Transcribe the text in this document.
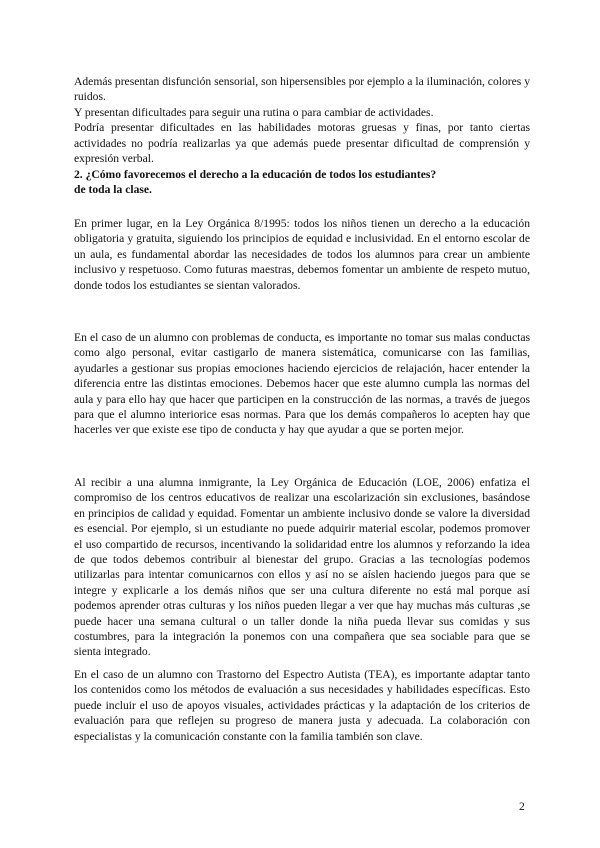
Además presentan disfunción sensorial, son hipersensibles por ejemplo a la iluminación, colores y ruidos.

Y presentan dificultades para seguir una rutina o para cambiar de actividades.

Podría presentar dificultades en las habilidades motoras gruesas y finas, por tanto ciertas actividades no podría realizarlas ya que además puede presentar dificultad de comprensión y expresión verbal.

2. ¿Cómo favorecemos el derecho a la educación de todos los estudiantes?

de toda la clase.

En primer lugar, en la Ley Orgánica 8/1995: todos los niños tienen un derecho a la educación obligatoria y gratuita, siguiendo los principios de equidad e inclusividad. En el entorno escolar de un aula, es fundamental abordar las necesidades de todos los alumnos para crear un ambiente inclusivo y respetuoso. Como futuras maestras, debemos fomentar un ambiente de respeto mutuo, donde todos los estudiantes se sientan valorados.

En el caso de un alumno con problemas de conducta, es importante no tomar sus malas conductas como algo personal, evitar castigarlo de manera sistemática, comunicarse con las familias, ayudarles a gestionar sus propias emociones haciendo ejercicios de relajación, hacer entender la diferencia entre las distintas emociones. Debemos hacer que este alumno cumpla las normas del aula y para ello hay que hacer que participen en la construcción de las normas, a través de juegos para que el alumno interiorice esas normas. Para que los demás compañeros lo acepten hay que hacerles ver que existe ese tipo de conducta y hay que ayudar a que se porten mejor.

Al recibir a una alumna inmigrante, la Ley Orgánica de Educación (LOE, 2006) enfatiza el compromiso de los centros educativos de realizar una escolarización sin exclusiones, basándose en principios de calidad y equidad. Fomentar un ambiente inclusivo donde se valore la diversidad es esencial. Por ejemplo, si un estudiante no puede adquirir material escolar, podemos promover el uso compartido de recursos, incentivando la solidaridad entre los alumnos y reforzando la idea de que todos debemos contribuir al bienestar del grupo. Gracias a las tecnologías podemos utilizarlas para intentar comunicarnos con ellos y así no se aíslen haciendo juegos para que se integre y explicarle a los demás niños que ser una cultura diferente no está mal porque así podemos aprender otras culturas y los niños pueden llegar a ver que hay muchas más culturas ,se puede hacer una semana cultural o un taller donde la niña pueda llevar sus comidas y sus costumbres, para la integración la ponemos con una compañera que sea sociable para que se sienta integrado.

En el caso de un alumno con Trastorno del Espectro Autista (TEA), es importante adaptar tanto los contenidos como los métodos de evaluación a sus necesidades y habilidades específicas. Esto puede incluir el uso de apoyos visuales, actividades prácticas y la adaptación de los criterios de evaluación para que reflejen su progreso de manera justa y adecuada. La colaboración con especialistas y la comunicación constante con la familia también son clave.

2
